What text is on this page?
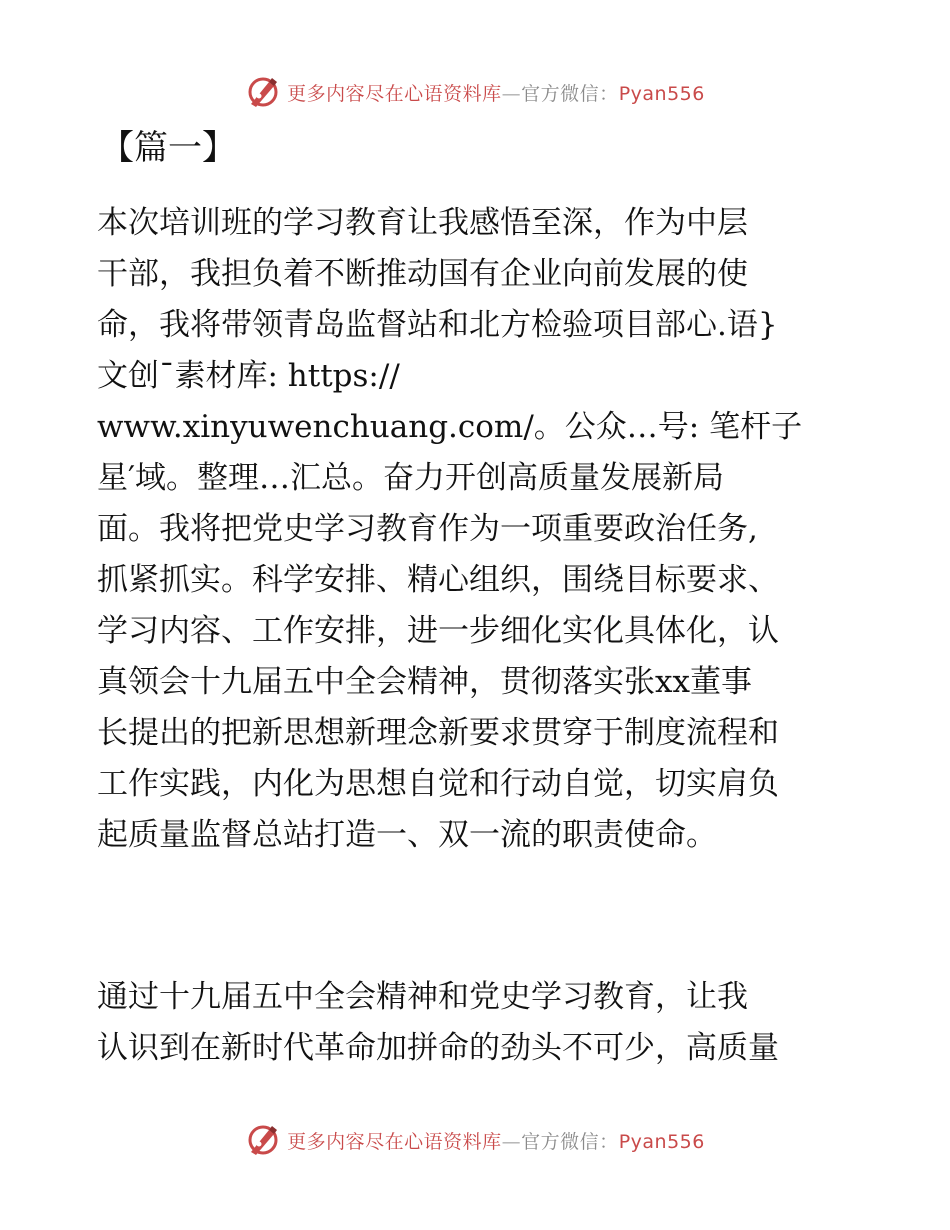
更多内容尽在心语资料库—官方微信：Pyan556
【篇一】
本次培训班的学习教育让我感悟至深，作为中层
干部，我担负着不断推动国有企业向前发展的使
命，我将带领青岛监督站和北方检验项目部心.语}
文创¯素材库: https://
www.xinyuwenchuang.com/。公众…号: 笔杆子
星′域。整理…汇总。奋力开创高质量发展新局
面。我将把党史学习教育作为一项重要政治任务,
抓紧抓实。科学安排、精心组织，围绕目标要求、
学习内容、工作安排，进一步细化实化具体化，认
真领会十九届五中全会精神，贯彻落实张xx董事
长提出的把新思想新理念新要求贯穿于制度流程和
工作实践，内化为思想自觉和行动自觉，切实肩负
起质量监督总站打造一、双一流的职责使命。
通过十九届五中全会精神和党史学习教育，让我
认识到在新时代革命加拼命的劲头不可少，高质量
更多内容尽在心语资料库—官方微信：Pyan556
